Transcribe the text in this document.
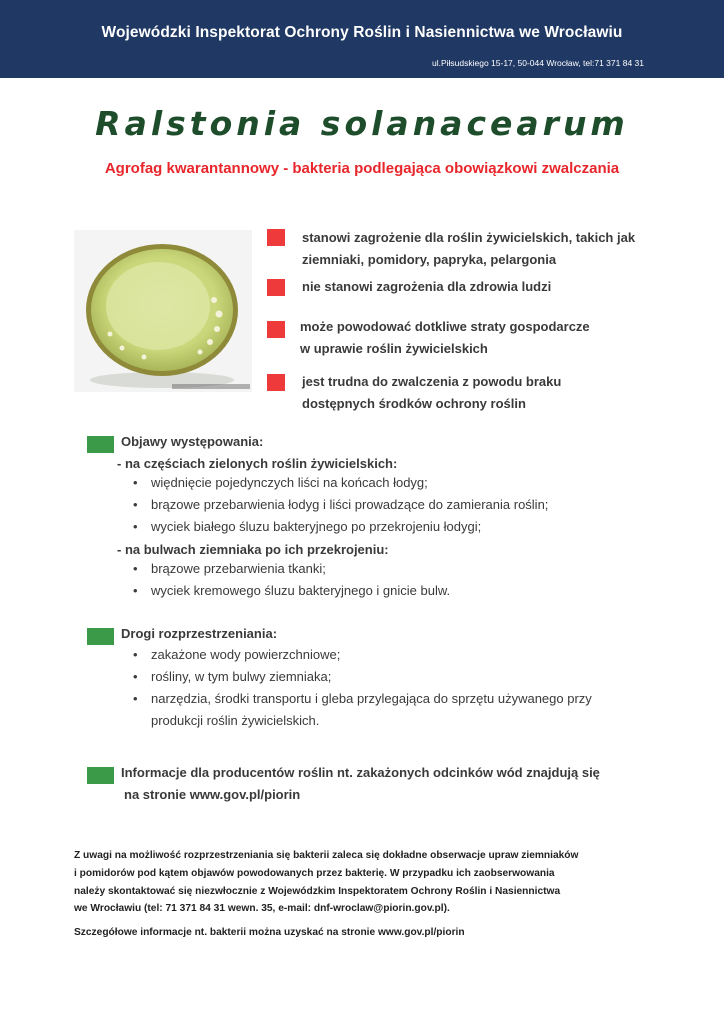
Wojewódzki Inspektorat Ochrony Roślin i Nasiennictwa we Wrocławiu
ul.Piłsudskiego 15-17, 50-044 Wrocław, tel:71 371 84 31
Ralstonia solanacearum
Agrofag kwarantannowy - bakteria podlegająca obowiązkowi zwalczania
stanowi zagrożenie dla roślin żywicielskich, takich jak
ziemniaki, pomidory, papryka, pelargonia
nie stanowi zagrożenia dla zdrowia ludzi
może powodować dotkliwe straty gospodarcze
w uprawie roślin żywicielskich
jest trudna do zwalczenia z powodu braku
dostępnych środków ochrony roślin
Objawy występowania:
- na częściach zielonych roślin żywicielskich:
• więdnięcie pojedynczych liści na końcach łodyg;
• brązowe przebarwienia łodyg i liści prowadzące do zamierania roślin;
• wyciek białego śluzu bakteryjnego po przekrojeniu łodygi;
- na bulwach ziemniaka po ich przekrojeniu:
• brązowe przebarwienia tkanki;
• wyciek kremowego śluzu bakteryjnego i gnicie bulw.
Drogi rozprzestrzeniania:
• zakażone wody powierzchniowe;
• rośliny, w tym bulwy ziemniaka;
• narzędzia, środki transportu i gleba przylegająca do sprzętu używanego przy
produkcji roślin żywicielskich.
Informacje dla producentów roślin nt. zakażonych odcinków wód znajdują się
na stronie www.gov.pl/piorin
Z uwagi na możliwość rozprzestrzeniania się bakterii zaleca się dokładne obserwacje upraw ziemniaków
i pomidorów pod kątem objawów powodowanych przez bakterię. W przypadku ich zaobserwowania
należy skontaktować się niezwłocznie z Wojewódzkim Inspektoratem Ochrony Roślin i Nasiennictwa
we Wrocławiu (tel: 71 371 84 31 wewn. 35, e-mail: dnf-wroclaw@piorin.gov.pl).
Szczegółowe informacje nt. bakterii można uzyskać na stronie www.gov.pl/piorin
